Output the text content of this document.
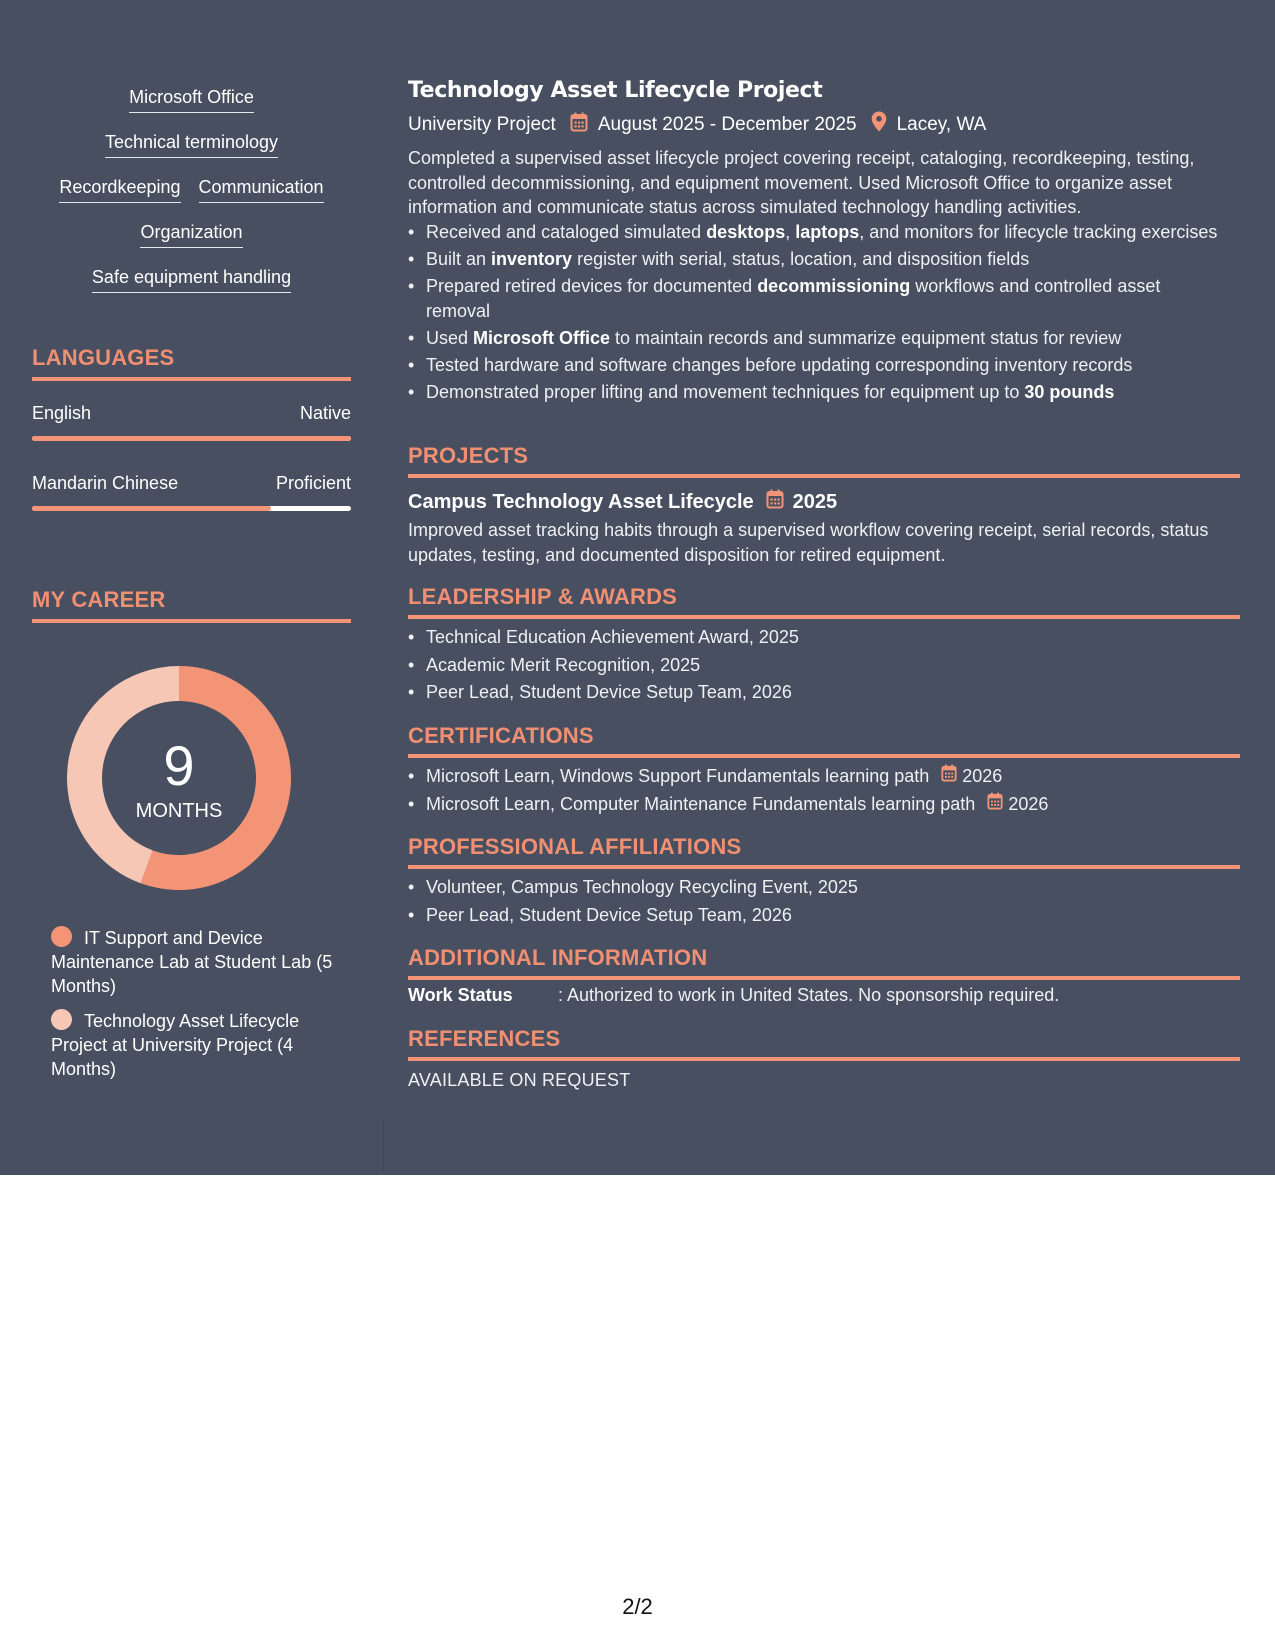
Microsoft Office
Technical terminology
Recordkeeping Communication
Organization
Safe equipment handling
LANGUAGES
English	Native
Mandarin Chinese	Proficient
MY CAREER
9
MONTHS
IT Support and Device Maintenance Lab at Student Lab (5 Months)
Technology Asset Lifecycle Project at University Project (4 Months)
Technology Asset Lifecycle Project
University Project August 2025 - December 2025 Lacey, WA
Completed a supervised asset lifecycle project covering receipt, cataloging, recordkeeping, testing, controlled decommissioning, and equipment movement. Used Microsoft Office to organize asset information and communicate status across simulated technology handling activities.
• Received and cataloged simulated desktops, laptops, and monitors for lifecycle tracking exercises
• Built an inventory register with serial, status, location, and disposition fields
• Prepared retired devices for documented decommissioning workflows and controlled asset removal
• Used Microsoft Office to maintain records and summarize equipment status for review
• Tested hardware and software changes before updating corresponding inventory records
• Demonstrated proper lifting and movement techniques for equipment up to 30 pounds
PROJECTS
Campus Technology Asset Lifecycle 2025
Improved asset tracking habits through a supervised workflow covering receipt, serial records, status updates, testing, and documented disposition for retired equipment.
LEADERSHIP & AWARDS
• Technical Education Achievement Award, 2025
• Academic Merit Recognition, 2025
• Peer Lead, Student Device Setup Team, 2026
CERTIFICATIONS
• Microsoft Learn, Windows Support Fundamentals learning path 2026
• Microsoft Learn, Computer Maintenance Fundamentals learning path 2026
PROFESSIONAL AFFILIATIONS
• Volunteer, Campus Technology Recycling Event, 2025
• Peer Lead, Student Device Setup Team, 2026
ADDITIONAL INFORMATION
Work Status	: Authorized to work in United States. No sponsorship required.
REFERENCES
AVAILABLE ON REQUEST
2/2
